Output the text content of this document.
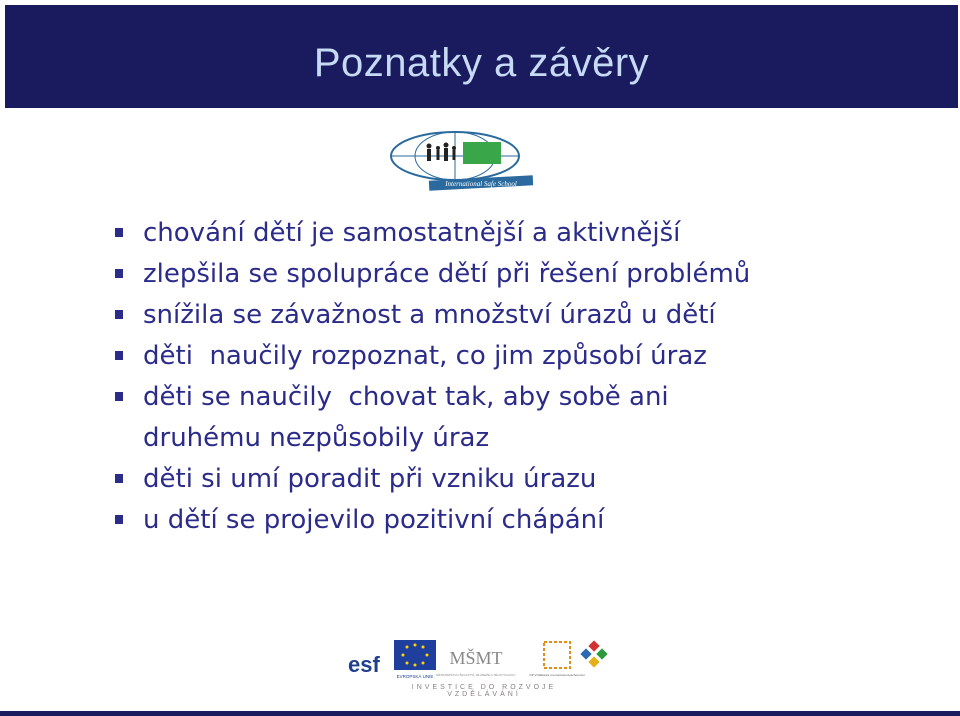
Poznatky a závěry
International Safe School
chování dětí je samostatnější a aktivnější
zlepšila se spolupráce dětí při řešení problémů
snížila se závažnost a množství úrazů u dětí
děti  naučily rozpoznat, co jim způsobí úraz
děti se naučily  chovat tak, aby sobě ani
druhému nezpůsobily úraz
děti si umí poradit při vzniku úrazu
u dětí se projevilo pozitivní chápání
esf	EVROPSKÁ UNIE
MŠMT
MINISTERSTVO ŠKOLSTVÍ, MLÁDEŽE A TĚLOVÝCHOVY	OP Vzdělávání pro konkurenceschopnost
INVESTICE DO ROZVOJE VZDĚLÁVÁNÍ
